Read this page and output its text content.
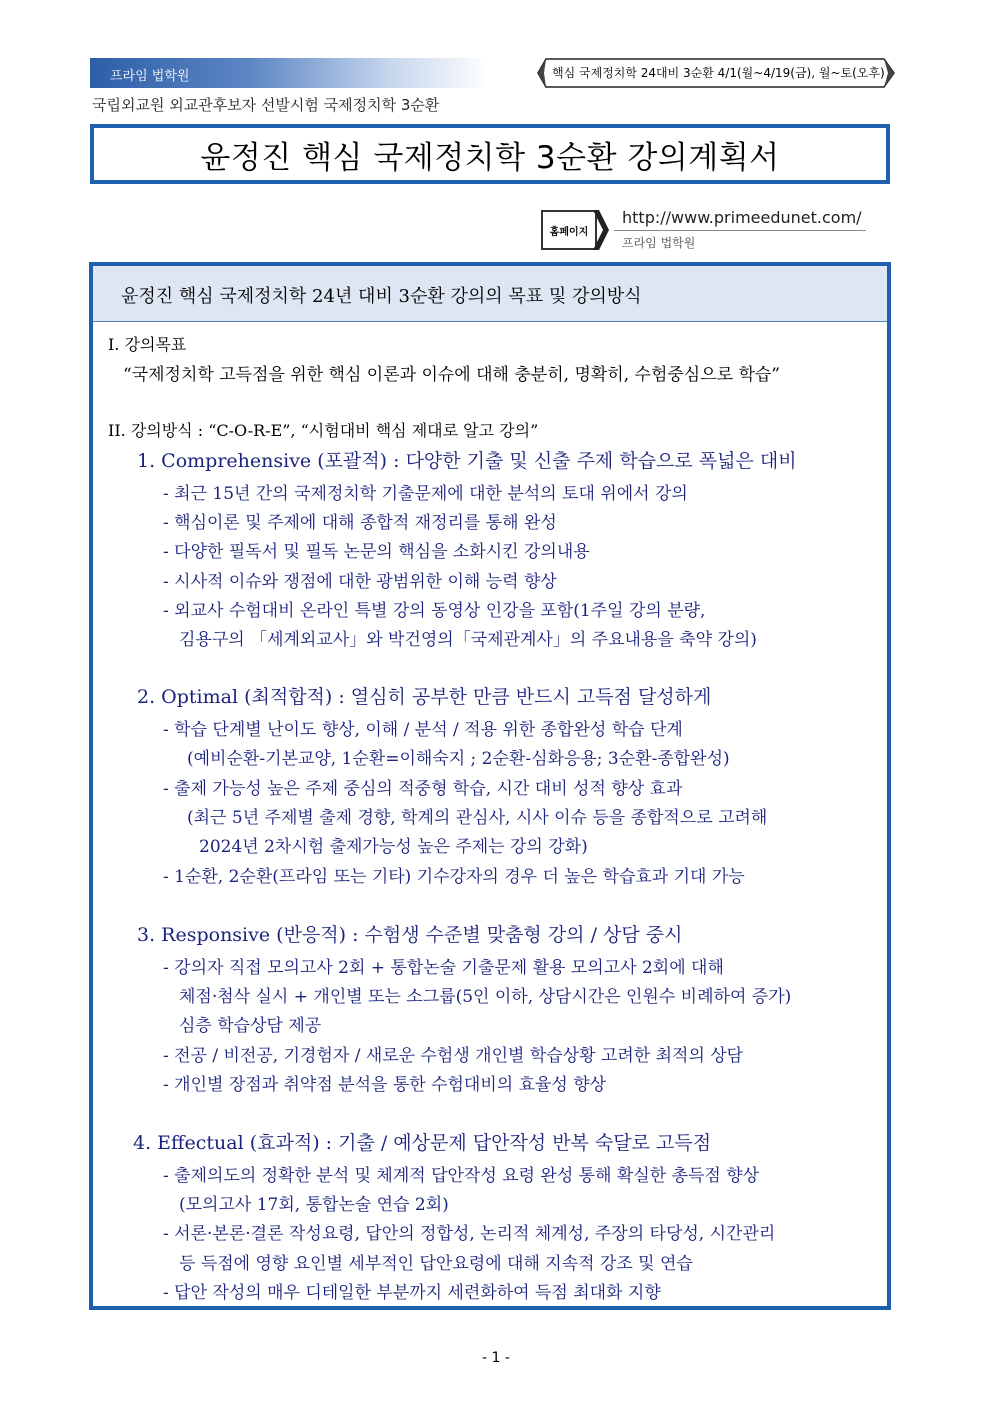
프라임 법학원	핵심 국제정치학 24대비 3순환 4/1(월~4/19(금), 월~토(오후)
국립외교원 외교관후보자 선발시험 국제정치학 3순환
윤정진 핵심 국제정치학 3순환 강의계획서
홈페이지
http://www.primeedunet.com/
프라임 법학원
윤정진 핵심 국제정치학 24년 대비 3순환 강의의 목표 및 강의방식
I. 강의목표
“국제정치학 고득점을 위한 핵심 이론과 이슈에 대해 충분히, 명확히, 수험중심으로 학습”
II. 강의방식 : “C-O-R-E”, “시험대비 핵심 제대로 알고 강의”
1. Comprehensive (포괄적) : 다양한 기출 및 신출 주제 학습으로 폭넓은 대비
- 최근 15년 간의 국제정치학 기출문제에 대한 분석의 토대 위에서 강의
- 핵심이론 및 주제에 대해 종합적 재정리를 통해 완성
- 다양한 필독서 및 필독 논문의 핵심을 소화시킨 강의내용
- 시사적 이슈와 쟁점에 대한 광범위한 이해 능력 향상
- 외교사 수험대비 온라인 특별 강의 동영상 인강을 포함(1주일 강의 분량,
김용구의 「세계외교사」와 박건영의「국제관계사」의 주요내용을 축약 강의)
2. Optimal (최적합적) : 열심히 공부한 만큼 반드시 고득점 달성하게
- 학습 단계별 난이도 향상, 이해 / 분석 / 적용 위한 종합완성 학습 단계
(예비순환-기본교양, 1순환=이해숙지 ; 2순환-심화응용; 3순환-종합완성)
- 출제 가능성 높은 주제 중심의 적중형 학습, 시간 대비 성적 향상 효과
(최근 5년 주제별 출제 경향, 학계의 관심사, 시사 이슈 등을 종합적으로 고려해
2024년 2차시험 출제가능성 높은 주제는 강의 강화)
- 1순환, 2순환(프라임 또는 기타) 기수강자의 경우 더 높은 학습효과 기대 가능
3. Responsive (반응적) : 수험생 수준별 맞춤형 강의 / 상담 중시
- 강의자 직접 모의고사 2회 + 통합논술 기출문제 활용 모의고사 2회에 대해
체점·첨삭 실시 + 개인별 또는 소그룹(5인 이하, 상담시간은 인원수 비례하여 증가)
심층 학습상담 제공
- 전공 / 비전공, 기경험자 / 새로운 수험생 개인별 학습상황 고려한 최적의 상담
- 개인별 장점과 취약점 분석을 통한 수험대비의 효율성 향상
4. Effectual (효과적) : 기출 / 예상문제 답안작성 반복 숙달로 고득점
- 출제의도의 정확한 분석 및 체계적 답안작성 요령 완성 통해 확실한 총득점 향상
(모의고사 17회, 통합논술 연습 2회)
- 서론·본론·결론 작성요령, 답안의 정합성, 논리적 체계성, 주장의 타당성, 시간관리
등 득점에 영향 요인별 세부적인 답안요령에 대해 지속적 강조 및 연습
- 답안 작성의 매우 디테일한 부분까지 세련화하여 득점 최대화 지향
- 1 -
